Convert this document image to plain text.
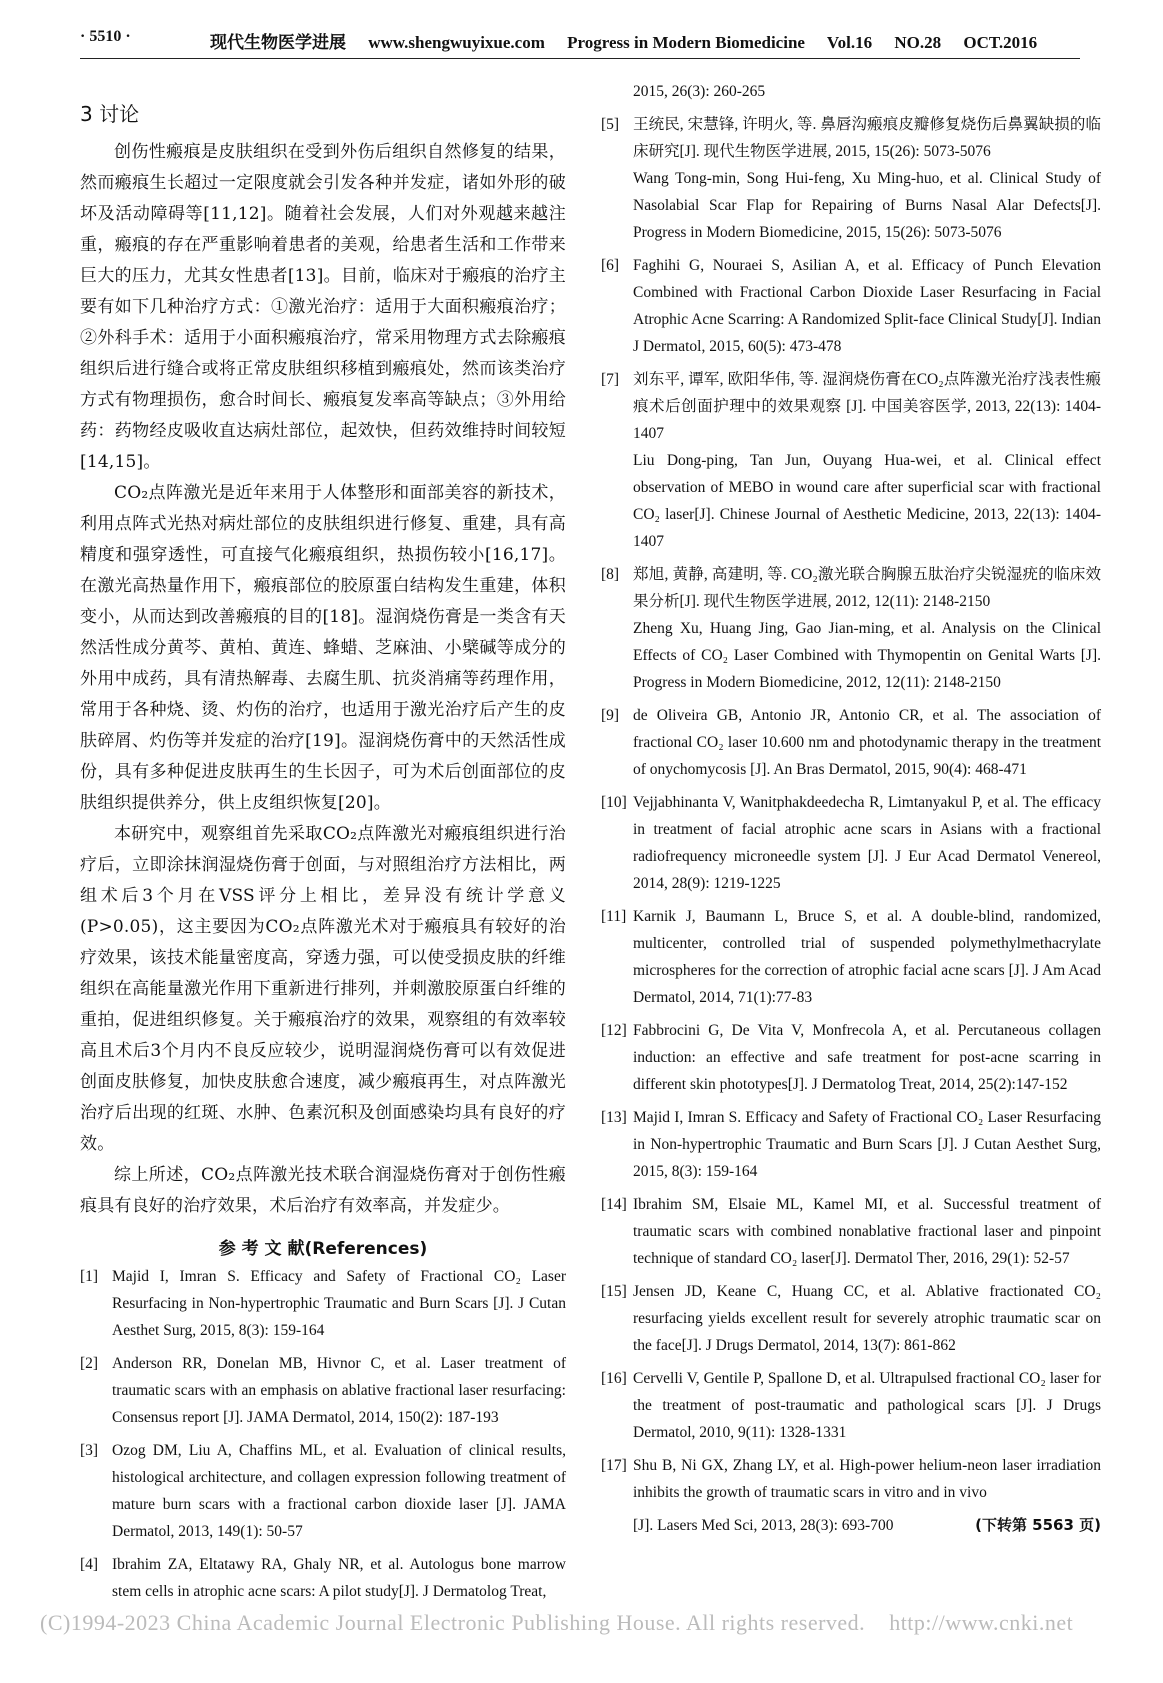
· 5510 ·	现代生物医学进展 www.shengwuyixue.com Progress in Modern Biomedicine Vol.16 NO.28 OCT.2016
3 讨论

创伤性瘢痕是皮肤组织在受到外伤后组织自然修复的结果，然而瘢痕生长超过一定限度就会引发各种并发症，诸如外形的破坏及活动障碍等[11,12]。随着社会发展，人们对外观越来越注重，瘢痕的存在严重影响着患者的美观，给患者生活和工作带来巨大的压力，尤其女性患者[13]。目前，临床对于瘢痕的治疗主要有如下几种治疗方式：①激光治疗：适用于大面积瘢痕治疗；②外科手术：适用于小面积瘢痕治疗，常采用物理方式去除瘢痕组织后进行缝合或将正常皮肤组织移植到瘢痕处，然而该类治疗方式有物理损伤，愈合时间长、瘢痕复发率高等缺点；③外用给药：药物经皮吸收直达病灶部位，起效快，但药效维持时间较短[14,15]。

CO₂点阵激光是近年来用于人体整形和面部美容的新技术，利用点阵式光热对病灶部位的皮肤组织进行修复、重建，具有高精度和强穿透性，可直接气化瘢痕组织，热损伤较小[16,17]。在激光高热量作用下，瘢痕部位的胶原蛋白结构发生重建，体积变小，从而达到改善瘢痕的目的[18]。湿润烧伤膏是一类含有天然活性成分黄芩、黄柏、黄连、蜂蜡、芝麻油、小檗碱等成分的外用中成药，具有清热解毒、去腐生肌、抗炎消痛等药理作用，常用于各种烧、烫、灼伤的治疗，也适用于激光治疗后产生的皮肤碎屑、灼伤等并发症的治疗[19]。湿润烧伤膏中的天然活性成份，具有多种促进皮肤再生的生长因子，可为术后创面部位的皮肤组织提供养分，供上皮组织恢复[20]。

本研究中，观察组首先采取CO₂点阵激光对瘢痕组织进行治疗后，立即涂抹润湿烧伤膏于创面，与对照组治疗方法相比，两组术后3个月在VSS评分上相比，差异没有统计学意义(P>0.05)，这主要因为CO₂点阵激光术对于瘢痕具有较好的治疗效果，该技术能量密度高，穿透力强，可以使受损皮肤的纤维组织在高能量激光作用下重新进行排列，并刺激胶原蛋白纤维的重拍，促进组织修复。关于瘢痕治疗的效果，观察组的有效率较高且术后3个月内不良反应较少，说明湿润烧伤膏可以有效促进创面皮肤修复，加快皮肤愈合速度，减少瘢痕再生，对点阵激光治疗后出现的红斑、水肿、色素沉积及创面感染均具有良好的疗效。

综上所述，CO₂点阵激光技术联合润湿烧伤膏对于创伤性瘢痕具有良好的治疗效果，术后治疗有效率高，并发症少。

参 考 文 献(References)
[1] Majid I, Imran S. Efficacy and Safety of Fractional CO₂ Laser Resurfacing in Non-hypertrophic Traumatic and Burn Scars [J]. J Cutan Aesthet Surg, 2015, 8(3): 159-164
[2] Anderson RR, Donelan MB, Hivnor C, et al. Laser treatment of traumatic scars with an emphasis on ablative fractional laser resurfacing: Consensus report [J]. JAMA Dermatol, 2014, 150(2): 187-193
[3] Ozog DM, Liu A, Chaffins ML, et al. Evaluation of clinical results, histological architecture, and collagen expression following treatment of mature burn scars with a fractional carbon dioxide laser [J]. JAMA Dermatol, 2013, 149(1): 50-57
[4] Ibrahim ZA, Eltatawy RA, Ghaly NR, et al. Autologus bone marrow stem cells in atrophic acne scars: A pilot study[J]. J Dermatolog Treat,
2015, 26(3): 260-265
[5] 王统民, 宋慧锋, 许明火, 等. 鼻唇沟瘢痕皮瓣修复烧伤后鼻翼缺损的临床研究[J]. 现代生物医学进展, 2015, 15(26): 5073-5076
Wang Tong-min, Song Hui-feng, Xu Ming-huo, et al. Clinical Study of Nasolabial Scar Flap for Repairing of Burns Nasal Alar Defects[J]. Progress in Modern Biomedicine, 2015, 15(26): 5073-5076
[6] Faghihi G, Nouraei S, Asilian A, et al. Efficacy of Punch Elevation Combined with Fractional Carbon Dioxide Laser Resurfacing in Facial Atrophic Acne Scarring: A Randomized Split-face Clinical Study[J]. Indian J Dermatol, 2015, 60(5): 473-478
[7] 刘东平, 谭军, 欧阳华伟, 等. 湿润烧伤膏在CO₂点阵激光治疗浅表性瘢痕术后创面护理中的效果观察 [J]. 中国美容医学, 2013, 22(13): 1404-1407
Liu Dong-ping, Tan Jun, Ouyang Hua-wei, et al. Clinical effect observation of MEBO in wound care after superficial scar with fractional CO₂ laser[J]. Chinese Journal of Aesthetic Medicine, 2013, 22(13): 1404-1407
[8] 郑旭, 黄静, 高建明, 等. CO₂激光联合胸腺五肽治疗尖锐湿疣的临床效果分析[J]. 现代生物医学进展, 2012, 12(11): 2148-2150
Zheng Xu, Huang Jing, Gao Jian-ming, et al. Analysis on the Clinical Effects of CO₂ Laser Combined with Thymopentin on Genital Warts [J]. Progress in Modern Biomedicine, 2012, 12(11): 2148-2150
[9] de Oliveira GB, Antonio JR, Antonio CR, et al. The association of fractional CO₂ laser 10.600 nm and photodynamic therapy in the treatment of onychomycosis [J]. An Bras Dermatol, 2015, 90(4): 468-471
[10] Vejjabhinanta V, Wanitphakdeedecha R, Limtanyakul P, et al. The efficacy in treatment of facial atrophic acne scars in Asians with a fractional radiofrequency microneedle system [J]. J Eur Acad Dermatol Venereol, 2014, 28(9): 1219-1225
[11] Karnik J, Baumann L, Bruce S, et al. A double-blind, randomized, multicenter, controlled trial of suspended polymethylmethacrylate microspheres for the correction of atrophic facial acne scars [J]. J Am Acad Dermatol, 2014, 71(1):77-83
[12] Fabbrocini G, De Vita V, Monfrecola A, et al. Percutaneous collagen induction: an effective and safe treatment for post-acne scarring in different skin phototypes[J]. J Dermatolog Treat, 2014, 25(2):147-152
[13] Majid I, Imran S. Efficacy and Safety of Fractional CO₂ Laser Resurfacing in Non-hypertrophic Traumatic and Burn Scars [J]. J Cutan Aesthet Surg, 2015, 8(3): 159-164
[14] Ibrahim SM, Elsaie ML, Kamel MI, et al. Successful treatment of traumatic scars with combined nonablative fractional laser and pinpoint technique of standard CO₂ laser[J]. Dermatol Ther, 2016, 29(1): 52-57
[15] Jensen JD, Keane C, Huang CC, et al. Ablative fractionated CO₂ resurfacing yields excellent result for severely atrophic traumatic scar on the face[J]. J Drugs Dermatol, 2014, 13(7): 861-862
[16] Cervelli V, Gentile P, Spallone D, et al. Ultrapulsed fractional CO₂ laser for the treatment of post-traumatic and pathological scars [J]. J Drugs Dermatol, 2010, 9(11): 1328-1331
[17] Shu B, Ni GX, Zhang LY, et al. High-power helium-neon laser irradiation inhibits the growth of traumatic scars in vitro and in vivo
[J]. Lasers Med Sci, 2013, 28(3): 693-700	(下转第 5563 页)
(C)1994-2023 China Academic Journal Electronic Publishing House. All rights reserved. http://www.cnki.net
